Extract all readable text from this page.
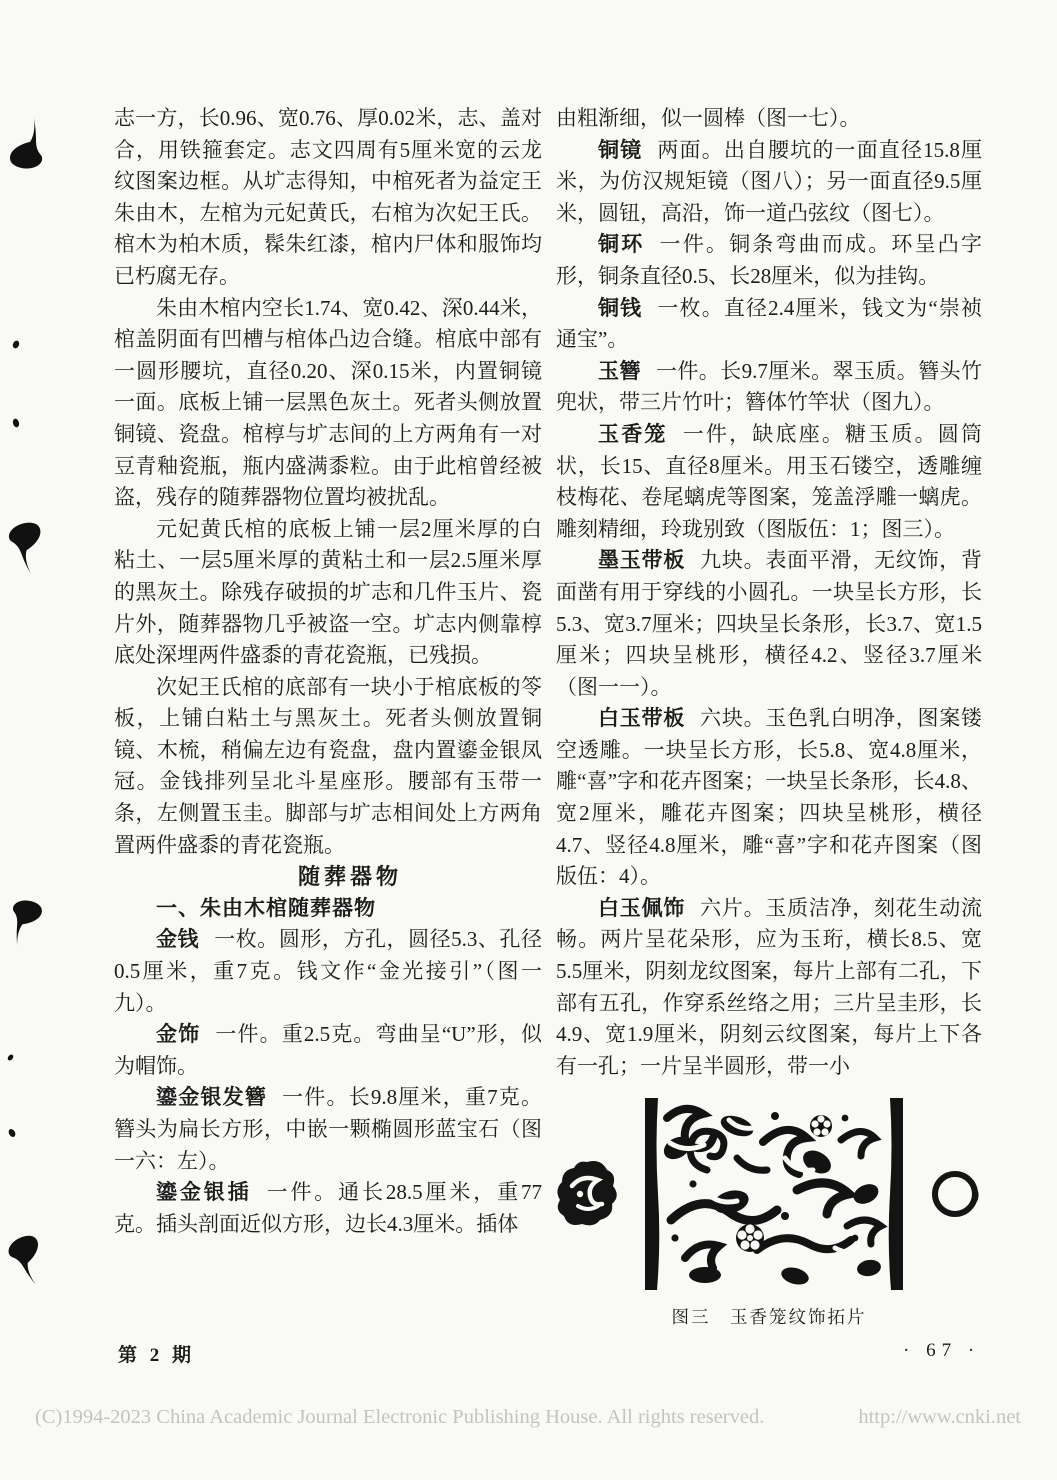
志一方，长0.96、宽0.76、厚0.02米，志、盖对合，用铁箍套定。志文四周有5厘米宽的云龙纹图案边框。从圹志得知，中棺死者为益定王朱由木，左棺为元妃黄氏，右棺为次妃王氏。棺木为柏木质，髹朱红漆，棺内尸体和服饰均已朽腐无存。

朱由木棺内空长1.74、宽0.42、深0.44米，棺盖阴面有凹槽与棺体凸边合缝。棺底中部有一圆形腰坑，直径0.20、深0.15米，内置铜镜一面。底板上铺一层黑色灰土。死者头侧放置铜镜、瓷盘。棺椁与圹志间的上方两角有一对豆青釉瓷瓶，瓶内盛满黍粒。由于此棺曾经被盗，残存的随葬器物位置均被扰乱。

元妃黄氏棺的底板上铺一层2厘米厚的白粘土、一层5厘米厚的黄粘土和一层2.5厘米厚的黑灰土。除残存破损的圹志和几件玉片、瓷片外，随葬器物几乎被盗一空。圹志内侧靠椁底处深埋两件盛黍的青花瓷瓶，已残损。

次妃王氏棺的底部有一块小于棺底板的笭板，上铺白粘土与黑灰土。死者头侧放置铜镜、木梳，稍偏左边有瓷盘，盘内置鎏金银凤冠。金钱排列呈北斗星座形。腰部有玉带一条，左侧置玉圭。脚部与圹志相间处上方两角置两件盛黍的青花瓷瓶。

随葬器物

一、朱由木棺随葬器物

金钱 一枚。圆形，方孔，圆径5.3、孔径0.5厘米，重7克。钱文作“金光接引”（图一九）。

金饰 一件。重2.5克。弯曲呈“U”形，似为帽饰。

鎏金银发簪 一件。长9.8厘米，重7克。簪头为扁长方形，中嵌一颗椭圆形蓝宝石（图一六：左）。

鎏金银插 一件。通长28.5厘米，重77克。插头剖面近似方形，边长4.3厘米。插体

由粗渐细，似一圆棒（图一七）。

铜镜 两面。出自腰坑的一面直径15.8厘米，为仿汉规矩镜（图八）；另一面直径9.5厘米，圆钮，高沿，饰一道凸弦纹（图七）。

铜环 一件。铜条弯曲而成。环呈凸字形，铜条直径0.5、长28厘米，似为挂钩。

铜钱 一枚。直径2.4厘米，钱文为“崇祯通宝”。

玉簪 一件。长9.7厘米。翠玉质。簪头竹兜状，带三片竹叶；簪体竹竿状（图九）。

玉香笼 一件，缺底座。糖玉质。圆筒状，长15、直径8厘米。用玉石镂空，透雕缠枝梅花、卷尾螭虎等图案，笼盖浮雕一螭虎。雕刻精细，玲珑别致（图版伍：1；图三）。

墨玉带板 九块。表面平滑，无纹饰，背面凿有用于穿线的小圆孔。一块呈长方形，长5.3、宽3.7厘米；四块呈长条形，长3.7、宽1.5厘米；四块呈桃形，横径4.2、竖径3.7厘米（图一一）。

白玉带板 六块。玉色乳白明净，图案镂空透雕。一块呈长方形，长5.8、宽4.8厘米，雕“喜”字和花卉图案；一块呈长条形，长4.8、宽2厘米，雕花卉图案；四块呈桃形，横径4.7、竖径4.8厘米，雕“喜”字和花卉图案（图版伍：4）。

白玉佩饰 六片。玉质洁净，刻花生动流畅。两片呈花朵形，应为玉珩，横长8.5、宽5.5厘米，阴刻龙纹图案，每片上部有二孔，下部有五孔，作穿系丝络之用；三片呈圭形，长4.9、宽1.9厘米，阴刻云纹图案，每片上下各有一孔；一片呈半圆形，带一小

图三　玉香笼纹饰拓片
第 2 期	· 67 ·
(C)1994-2023 China Academic Journal Electronic Publishing House. All rights reserved.	http://www.cnki.net
